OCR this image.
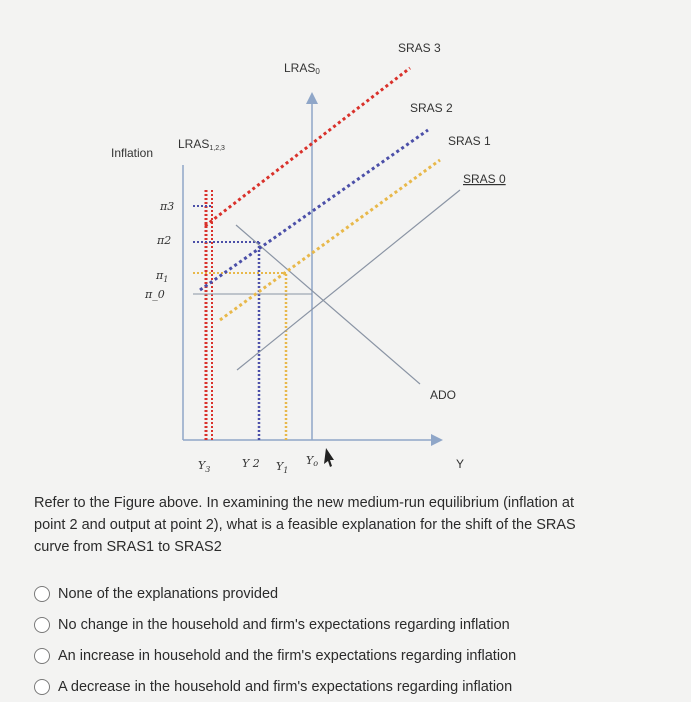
Inflation
Y
π3
π2
$\pi_1$
π_0
$Y_3$	Y 2 $Y_1$
Yo
SRAS 3
SRAS 2
SRAS 1
SRAS 0
LRAS0
LRAS1,2,3
ADO

Refer to the Figure above. In examining the new medium-run equilibrium (inflation at point 2 and output at point 2), what is a feasible explanation for the shift of the SRAS curve from SRAS1 to SRAS2

None of the explanations provided
No change in the household and firm's expectations regarding inflation
An increase in household and the firm's expectations regarding inflation
A decrease in the household and firm's expectations regarding inflation
